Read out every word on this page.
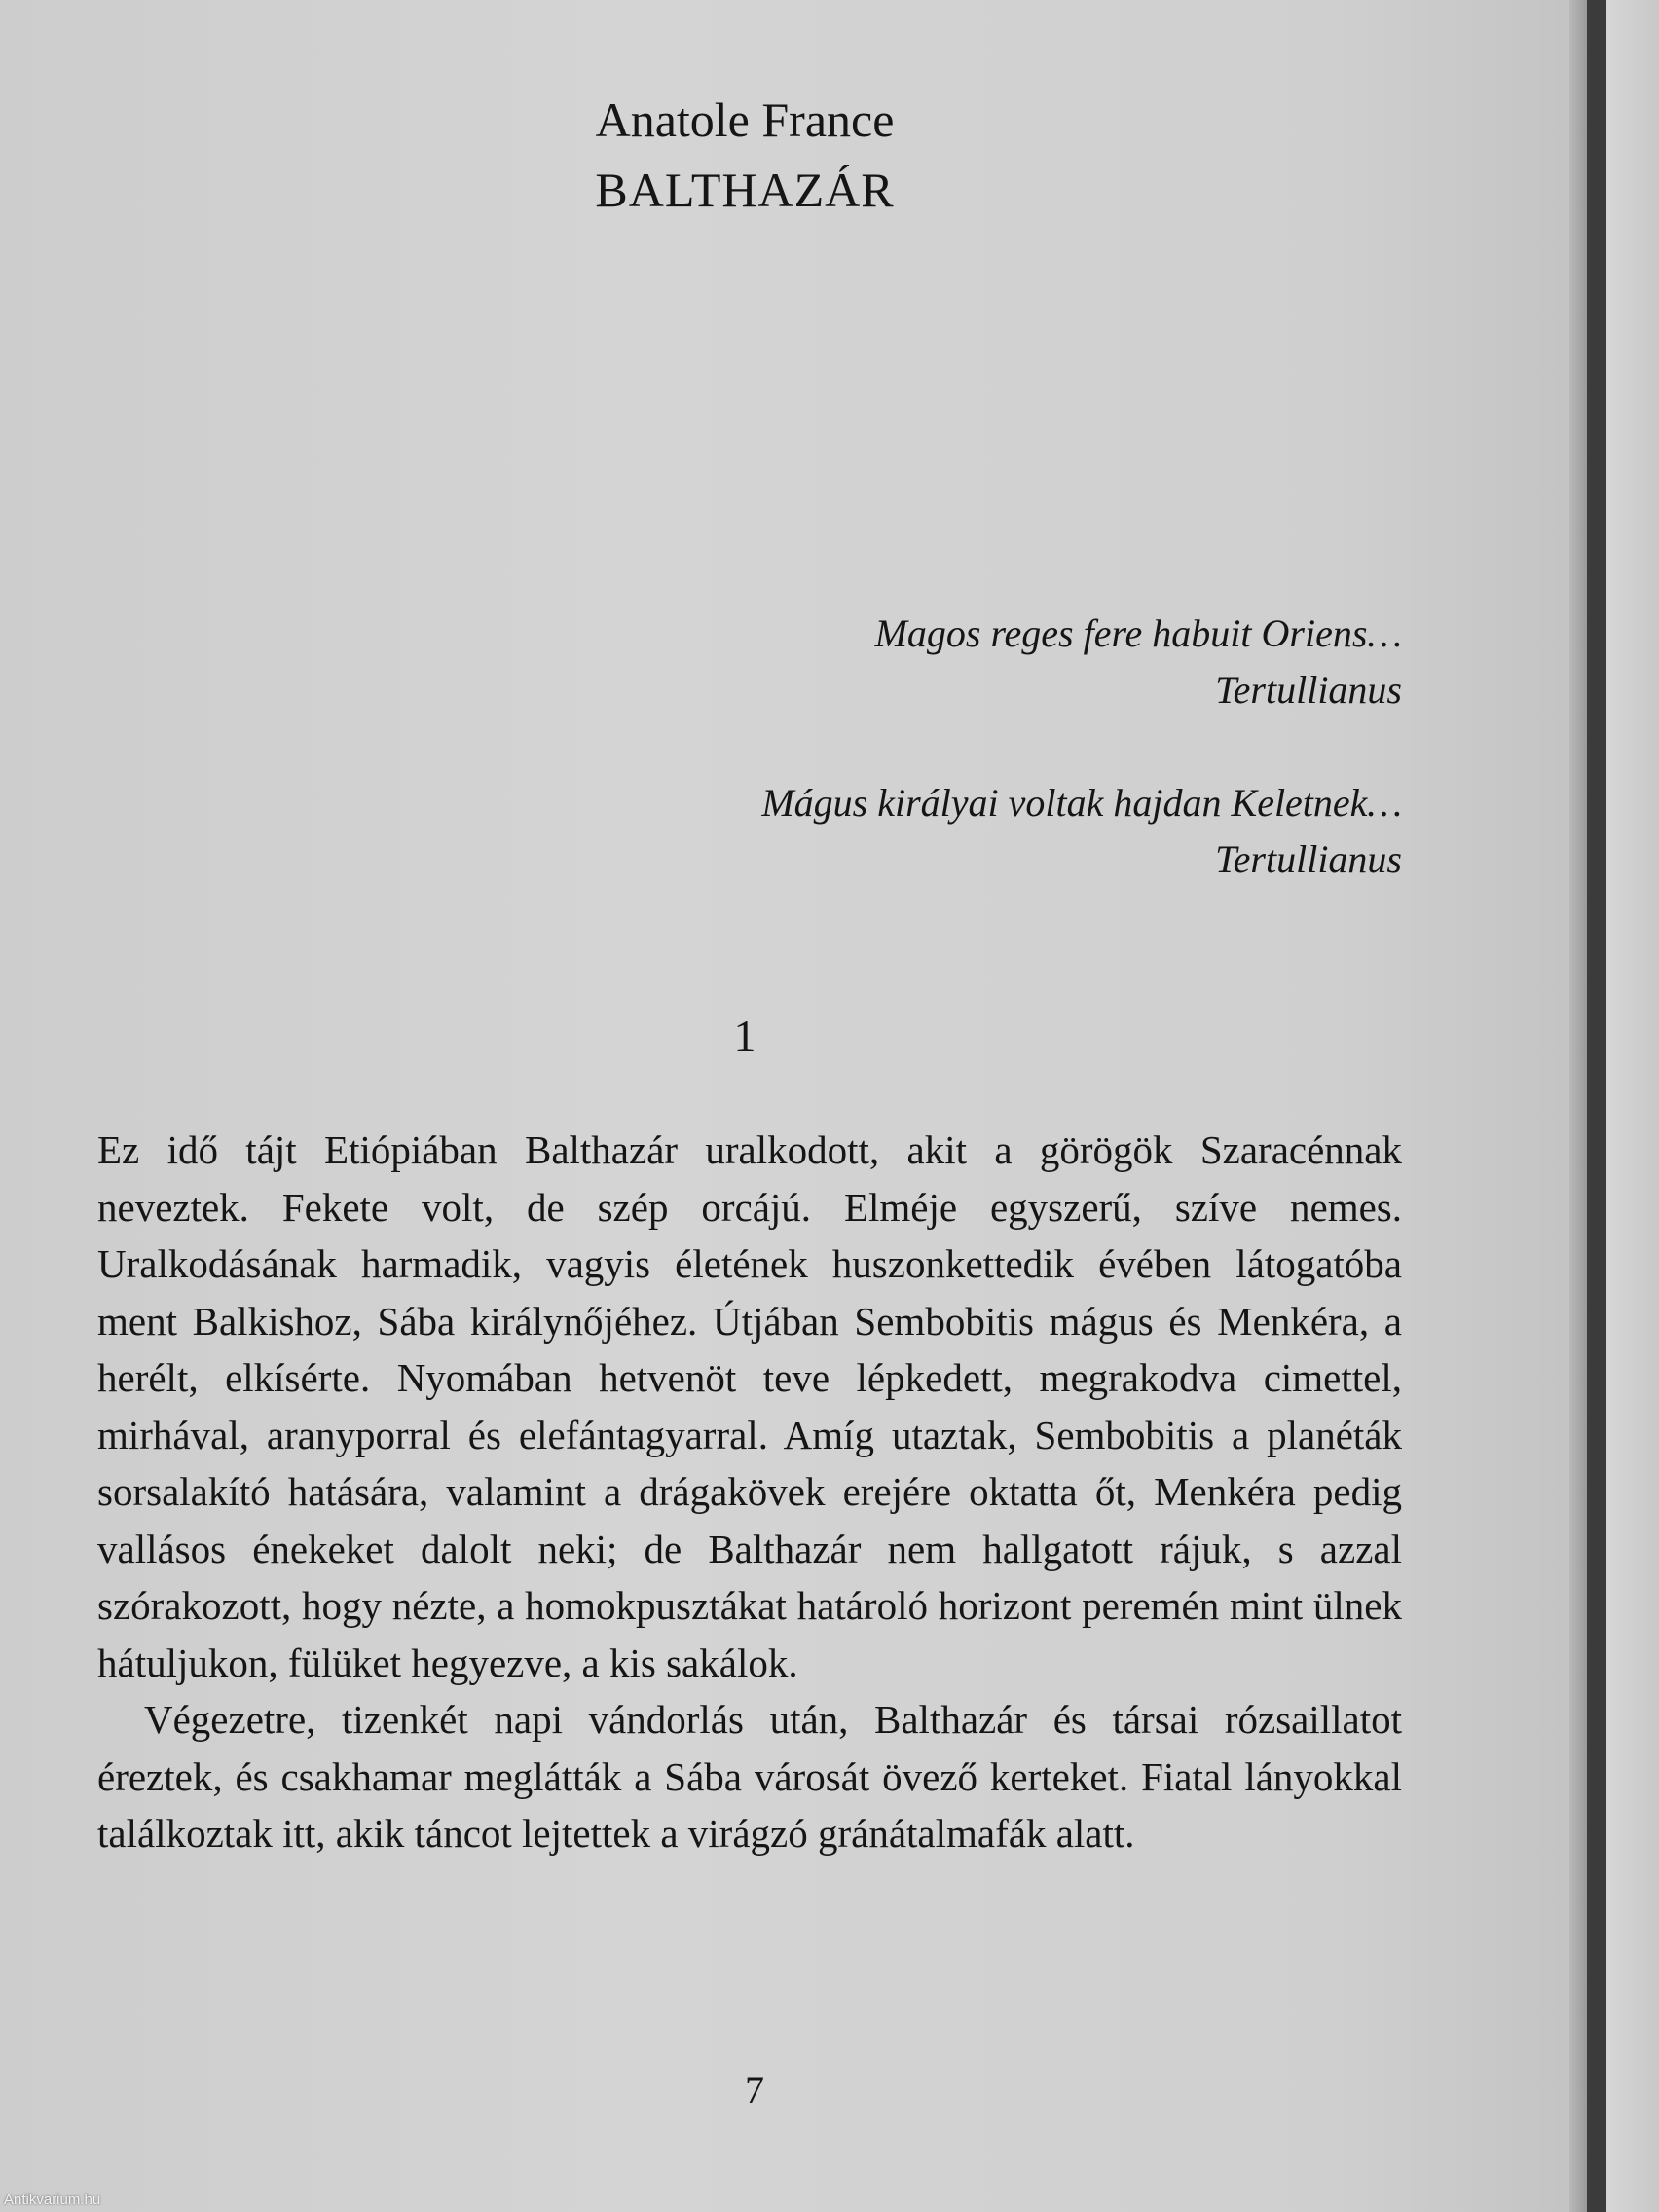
Anatole France
BALTHAZÁR
Magos reges fere habuit Oriens…
Tertullianus
Mágus királyai voltak hajdan Keletnek…
Tertullianus
1

Ez idő tájt Etiópiában Balthazár uralkodott, akit a görögök Szaracénnak neveztek. Fekete volt, de szép orcájú. Elméje egyszerű, szíve nemes. Uralkodásának harmadik, vagyis életének huszonkettedik évében látogatóba ment Balkishoz, Sába királynőjéhez. Útjában Sembobitis mágus és Menkéra, a herélt, elkísérte. Nyomában hetvenöt teve lépkedett, megrakodva cimettel, mirhával, aranyporral és elefántagyarral. Amíg utaztak, Sembobitis a planéták sorsalakító hatására, valamint a drágakövek erejére oktatta őt, Menkéra pedig vallásos énekeket dalolt neki; de Balthazár nem hallgatott rájuk, s azzal szórakozott, hogy nézte, a homokpusztákat határoló horizont peremén mint ülnek hátuljukon, fülüket hegyezve, a kis sakálok.

Végezetre, tizenkét napi vándorlás után, Balthazár és társai rózsaillatot éreztek, és csakhamar meglátták a Sába városát övező kerteket. Fiatal lányokkal találkoztak itt, akik táncot lejtettek a virágzó gránátalmafák alatt.

7
Antikvarium.hu
